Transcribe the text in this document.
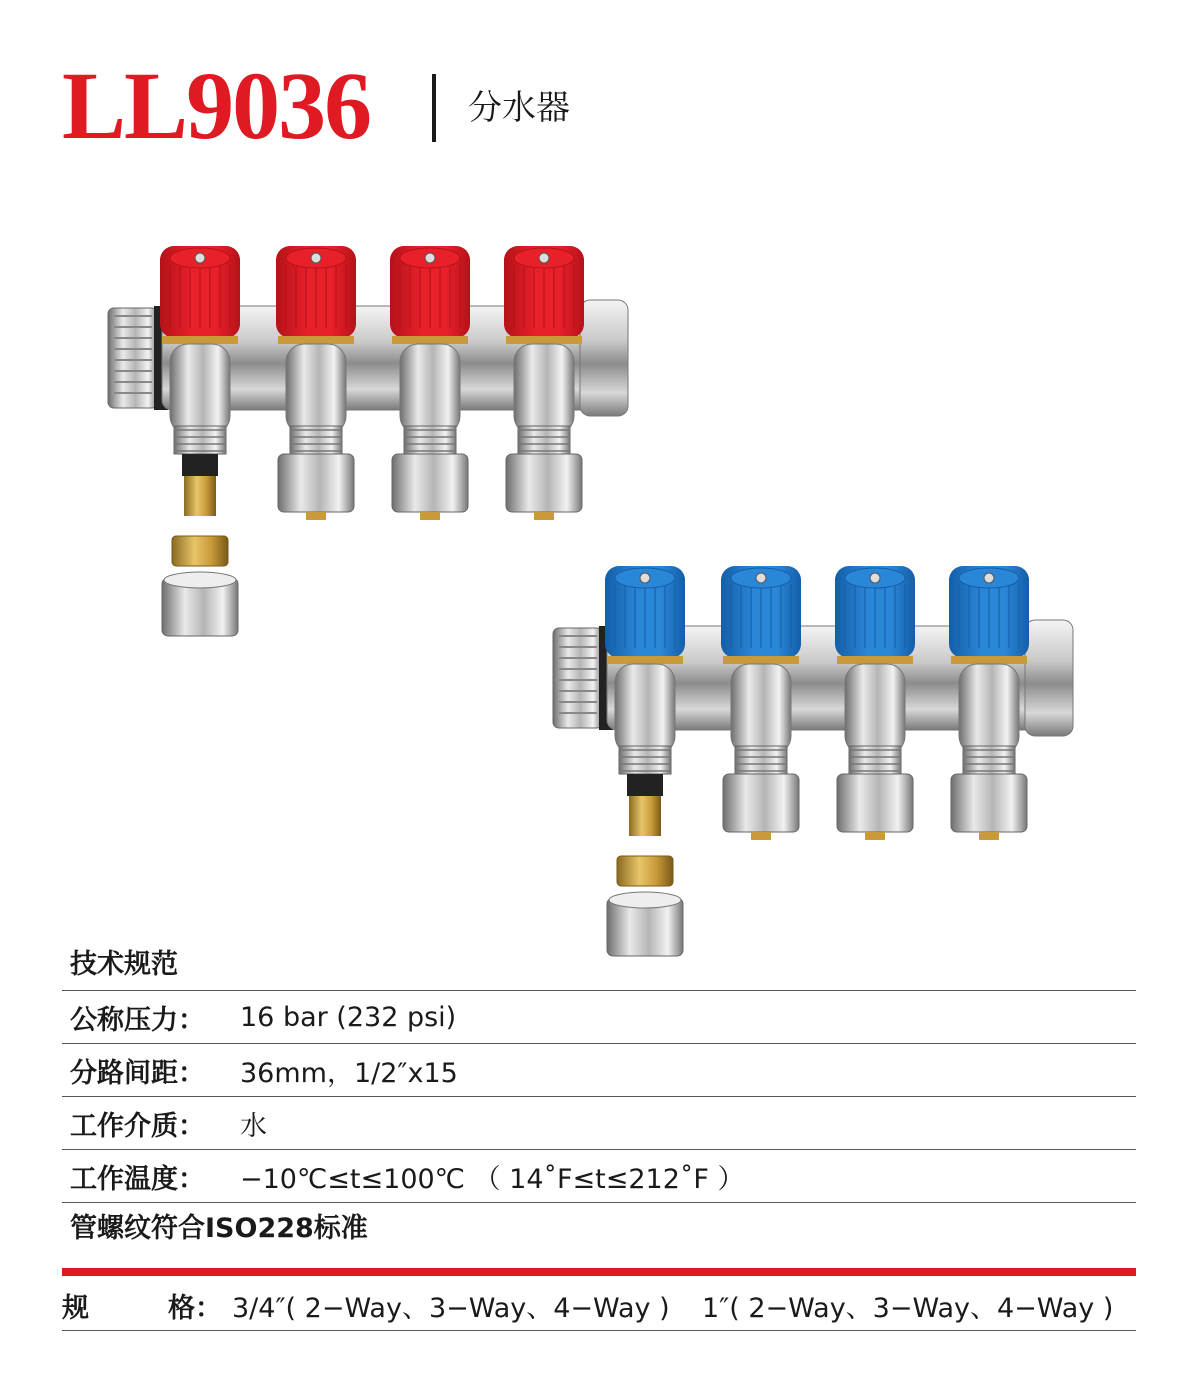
LL9036	分水器
技术规范
公称压力：	16 bar (232 psi)
分路间距：	36mm，1/2″x15
工作介质：	水
工作温度：	−10℃≤t≤100℃ （ 14˚F≤t≤212˚F ）
管螺纹符合ISO228标准
规	格： 3/4″( 2−Way、3−Way、4−Way )	1″( 2−Way、3−Way、4−Way )
